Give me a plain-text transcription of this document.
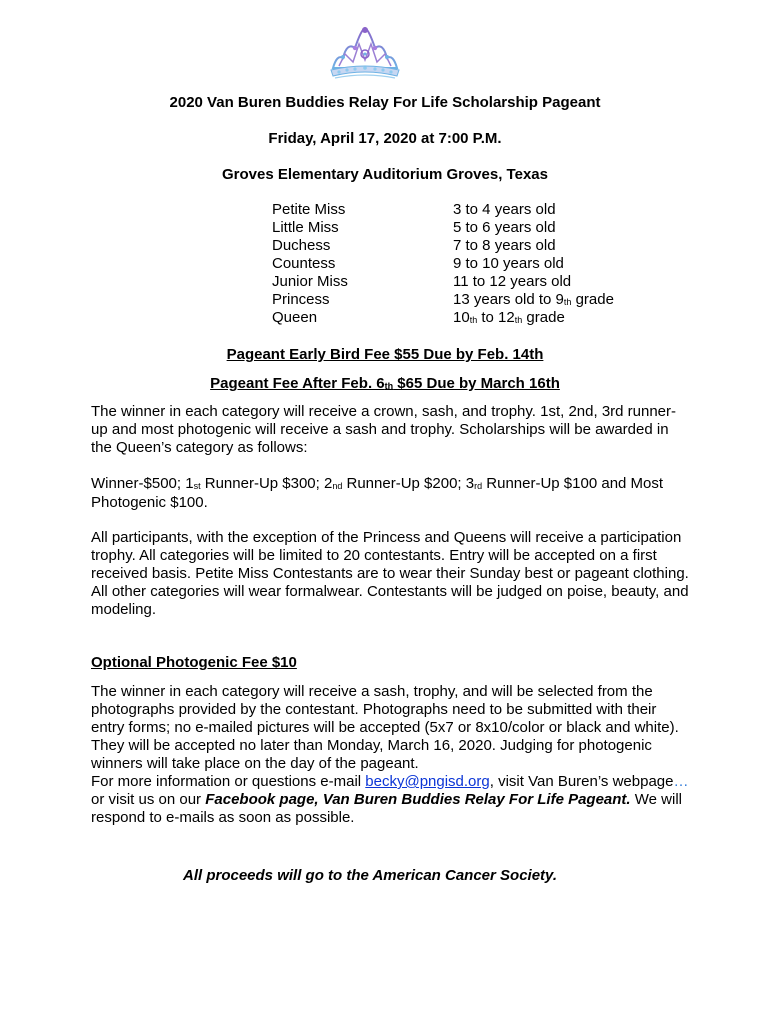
2020 Van Buren Buddies Relay For Life Scholarship Pageant
Friday, April 17, 2020 at 7:00 P.M.
Groves Elementary Auditorium Groves, Texas
Petite Miss	3 to 4 years old
Little Miss	5 to 6 years old
Duchess	7 to 8 years old
Countess	9 to 10 years old
Junior Miss	11 to 12 years old
Princess	13 years old to $9_{th}$ grade
Queen	$10_{th}$ to $12_{th}$ grade
Pageant Early Bird Fee $55 Due by Feb. 14th
Pageant Fee After Feb. $6_{th}$ $65 Due by March 16th

The winner in each category will receive a crown, sash, and trophy. 1st, 2nd, 3rd runner-up and most photogenic will receive a sash and trophy. Scholarships will be awarded in the Queen’s category as follows:

Winner-$500; $1_{st}$ Runner-Up $300; $2_{nd}$ Runner-Up $200; $3_{rd}$ Runner-Up $100 and Most Photogenic $100.

All participants, with the exception of the Princess and Queens will receive a participation trophy. All categories will be limited to 20 contestants. Entry will be accepted on a first received basis. Petite Miss Contestants are to wear their Sunday best or pageant clothing. All other categories will wear formalwear. Contestants will be judged on poise, beauty, and modeling.

Optional Photogenic Fee $10

The winner in each category will receive a sash, trophy, and will be selected from the photographs provided by the contestant. Photographs need to be submitted with their entry forms; no e-mailed pictures will be accepted (5x7 or 8x10/color or black and white). They will be accepted no later than Monday, March 16, 2020. Judging for photogenic winners will take place on the day of the pageant.

For more information or questions e-mail becky@pngisd.org, visit Van Buren’s webpage…or visit us on our Facebook page, Van Buren Buddies Relay For Life Pageant. We will respond to e-mails as soon as possible.

All proceeds will go to the American Cancer Society.
